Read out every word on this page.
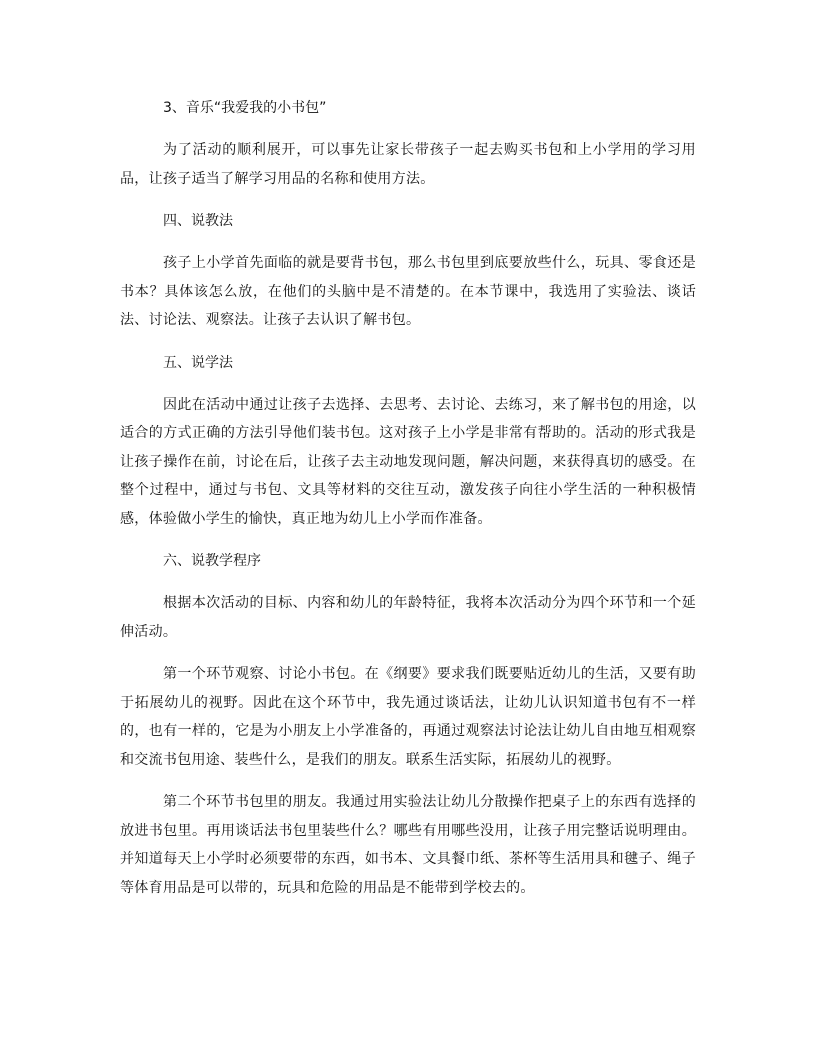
3、音乐“我爱我的小书包”

为了活动的顺利展开，可以事先让家长带孩子一起去购买书包和上小学用的学习用品，让孩子适当了解学习用品的名称和使用方法。

四、说教法

孩子上小学首先面临的就是要背书包，那么书包里到底要放些什么，玩具、零食还是书本？具体该怎么放，在他们的头脑中是不清楚的。在本节课中，我选用了实验法、谈话法、讨论法、观察法。让孩子去认识了解书包。

五、说学法

因此在活动中通过让孩子去选择、去思考、去讨论、去练习，来了解书包的用途，以适合的方式正确的方法引导他们装书包。这对孩子上小学是非常有帮助的。活动的形式我是让孩子操作在前，讨论在后，让孩子去主动地发现问题，解决问题，来获得真切的感受。在整个过程中，通过与书包、文具等材料的交往互动，激发孩子向往小学生活的一种积极情感，体验做小学生的愉快，真正地为幼儿上小学而作准备。

六、说教学程序

根据本次活动的目标、内容和幼儿的年龄特征，我将本次活动分为四个环节和一个延伸活动。

第一个环节观察、讨论小书包。在《纲要》要求我们既要贴近幼儿的生活，又要有助于拓展幼儿的视野。因此在这个环节中，我先通过谈话法，让幼儿认识知道书包有不一样的，也有一样的，它是为小朋友上小学准备的，再通过观察法讨论法让幼儿自由地互相观察和交流书包用途、装些什么，是我们的朋友。联系生活实际，拓展幼儿的视野。

第二个环节书包里的朋友。我通过用实验法让幼儿分散操作把桌子上的东西有选择的放进书包里。再用谈话法书包里装些什么？哪些有用哪些没用，让孩子用完整话说明理由。并知道每天上小学时必须要带的东西，如书本、文具餐巾纸、茶杯等生活用具和毽子、绳子等体育用品是可以带的，玩具和危险的用品是不能带到学校去的。
